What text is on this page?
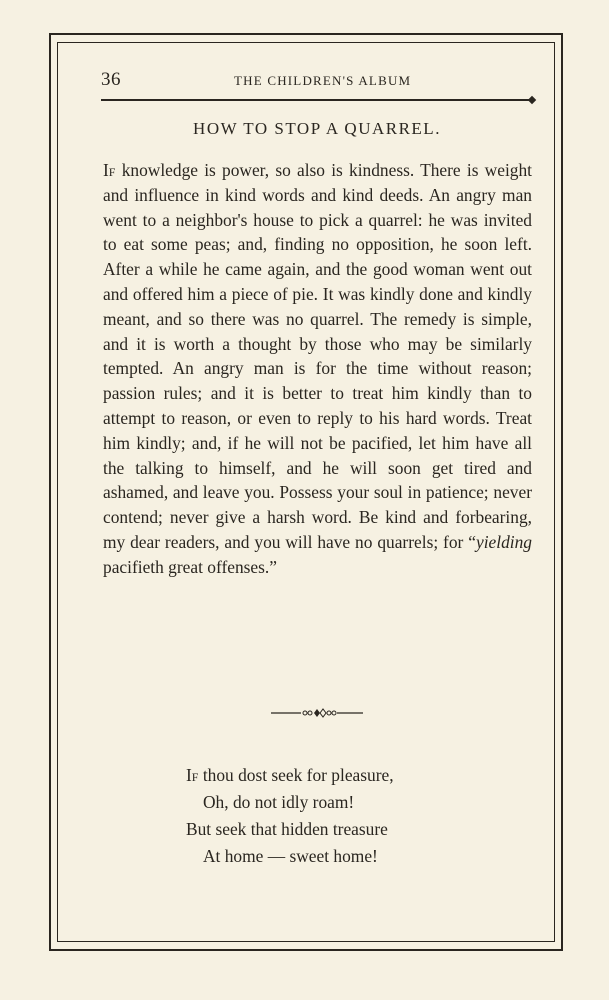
36	THE CHILDREN'S ALBUM
HOW TO STOP A QUARREL.

If knowledge is power, so also is kindness. There is weight and influence in kind words and kind deeds. An angry man went to a neighbor's house to pick a quarrel: he was invited to eat some peas; and, finding no opposition, he soon left. After a while he came again, and the good woman went out and offered him a piece of pie. It was kindly done and kindly meant, and so there was no quarrel. The remedy is simple, and it is worth a thought by those who may be similarly tempted. An angry man is for the time without reason; passion rules; and it is better to treat him kindly than to attempt to reason, or even to reply to his hard words. Treat him kindly; and, if he will not be pacified, let him have all the talking to himself, and he will soon get tired and ashamed, and leave you. Possess your soul in patience; never contend; never give a harsh word. Be kind and forbearing, my dear readers, and you will have no quarrels; for “yielding pacifieth great offenses.”

If thou dost seek for pleasure,
Oh, do not idly roam!
But seek that hidden treasure
At home — sweet home!
